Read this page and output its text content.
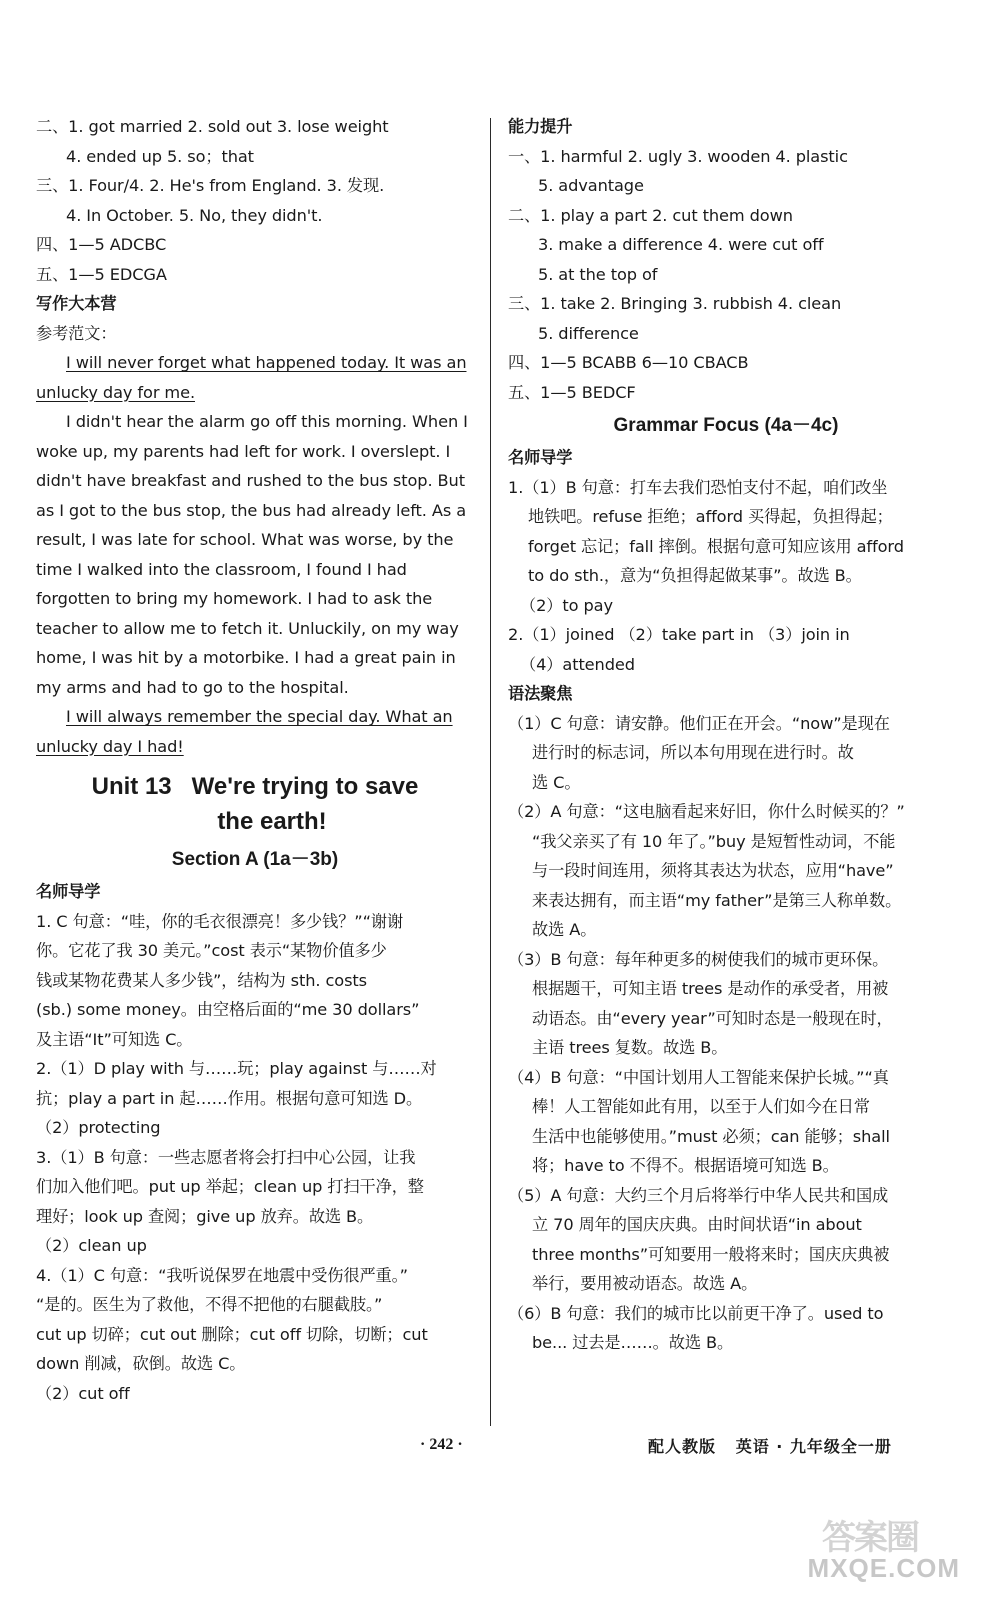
二、1. got married 2. sold out 3. lose weight
4. ended up 5. so；that
三、1. Four/4. 2. He's from England. 3. 发现.
4. In October. 5. No, they didn't.
四、1—5 ADCBC
五、1—5 EDCGA
写作大本营
参考范文：
I will never forget what happened today. It was an
unlucky day for me.
I didn't hear the alarm go off this morning. When I
woke up, my parents had left for work. I overslept. I
didn't have breakfast and rushed to the bus stop. But
as I got to the bus stop, the bus had already left. As a
result, I was late for school. What was worse, by the
time I walked into the classroom, I found I had
forgotten to bring my homework. I had to ask the
teacher to allow me to fetch it. Unluckily, on my way
home, I was hit by a motorbike. I had a great pain in
my arms and had to go to the hospital.
I will always remember the special day. What an
unlucky day I had!
Unit 13   We're trying to save
the earth!
Section A (1a－3b)
名师导学
1. C 句意：“哇，你的毛衣很漂亮！多少钱？”“谢谢
你。它花了我 30 美元。”cost 表示“某物价值多少
钱或某物花费某人多少钱”，结构为 sth. costs
(sb.) some money。由空格后面的“me 30 dollars”
及主语“It”可知选 C。
2.（1）D play with 与……玩；play against 与……对
抗；play a part in 起……作用。根据句意可知选 D。
（2）protecting
3.（1）B 句意：一些志愿者将会打扫中心公园，让我
们加入他们吧。put up 举起；clean up 打扫干净，整
理好；look up 查阅；give up 放弃。故选 B。
（2）clean up
4.（1）C 句意：“我听说保罗在地震中受伤很严重。”
“是的。医生为了救他，不得不把他的右腿截肢。”
cut up 切碎；cut out 删除；cut off 切除，切断；cut
down 削减，砍倒。故选 C。
（2）cut off
能力提升
一、1. harmful 2. ugly 3. wooden 4. plastic
5. advantage
二、1. play a part 2. cut them down
3. make a difference 4. were cut off
5. at the top of
三、1. take 2. Bringing 3. rubbish 4. clean
5. difference
四、1—5 BCABB 6—10 CBACB
五、1—5 BEDCF
Grammar Focus (4a－4c)
名师导学
1.（1）B 句意：打车去我们恐怕支付不起，咱们改坐
地铁吧。refuse 拒绝；afford 买得起，负担得起；
forget 忘记；fall 摔倒。根据句意可知应该用 afford
to do sth.，意为“负担得起做某事”。故选 B。
（2）to pay
2.（1）joined （2）take part in （3）join in
（4）attended
语法聚焦
（1）C 句意：请安静。他们正在开会。“now”是现在
进行时的标志词，所以本句用现在进行时。故
选 C。
（2）A 句意：“这电脑看起来好旧，你什么时候买的？”
“我父亲买了有 10 年了。”buy 是短暂性动词，不能
与一段时间连用，须将其表达为状态，应用“have”
来表达拥有，而主语“my father”是第三人称单数。
故选 A。
（3）B 句意：每年种更多的树使我们的城市更环保。
根据题干，可知主语 trees 是动作的承受者，用被
动语态。由“every year”可知时态是一般现在时，
主语 trees 复数。故选 B。
（4）B 句意：“中国计划用人工智能来保护长城。”“真
棒！人工智能如此有用，以至于人们如今在日常
生活中也能够使用。”must 必须；can 能够；shall
将；have to 不得不。根据语境可知选 B。
（5）A 句意：大约三个月后将举行中华人民共和国成
立 70 周年的国庆庆典。由时间状语“in about
three months”可知要用一般将来时；国庆庆典被
举行，要用被动语态。故选 A。
（6）B 句意：我们的城市比以前更干净了。used to
be... 过去是……。故选 B。
· 242 ·	配人教版   英语 · 九年级全一册
答案圈
MXQE.COM
